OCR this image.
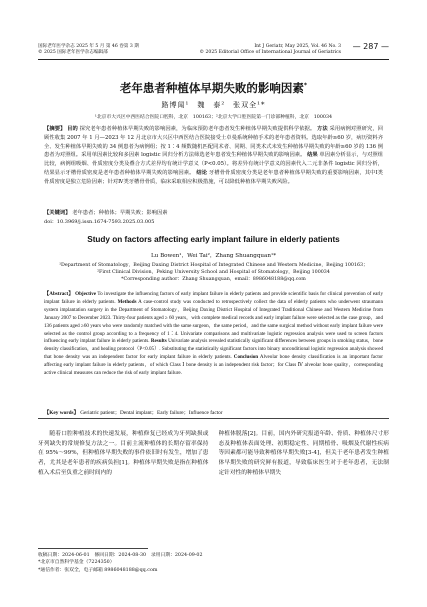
国际老年医学杂志 2025 年 5 月 第 46 卷第 3 期	Int J Geriatr, May 2025, Vol. 46 No. 3
© 2025 国际老年医学杂志编辑部	© 2025 Editorial Office of International Journal of Geriatrics
— 287 —
老年患者种植体早期失败的影响因素*
路博闻¹　魏　泰²　张双全¹*
¹北京市大兴区中西医结合医院口腔科，北京　100163；²北京大学口腔医院第一门诊部种植科，北京　100034
【摘要】 目的 探究老年患者种植体早期失败的影响因素，为临床预防老年患者发生种植体早期失败提供科学依据。 方法 采用病例对照研究，回顾性收集 2007 年 1 月—2023 年 12 月北京市大兴区中西医结合医院接受士卓曼系统种植手术的老年患者资料。选取年龄≥60 岁，病历资料齐全、发生种植体早期失败的 34 例患者为病例组；按 1∶4 频数随机匹配同术者、同期、同类术式未发生种植体早期失败的年龄≥60 岁的 136 例患者为对照组。采用单因素比较和多因素 logistic 回归分析方法筛选老年患者发生种植体早期失败的影响因素。 结果 单因素分析显示，与对照组比较，病例组吸烟、骨质密度分类及叠合方式差异均有统计学意义（P<0.05）。将差异有统计学意义的因素代入二元非条件 logistic 回归分析，结果显示牙槽骨质密度是老年患者种植体早期失败的影响因素。 结论 牙槽骨骨质密度分类是老年患者种植体早期失败的重要影响因素，其中Ⅰ类骨质密度是独立危险因素；针对Ⅳ类牙槽骨骨质，临床采取相应积极措施，可以降低种植体早期失败风险。
【关键词】 老年患者；种植体；早期失败；影响因素
doi：10.3969/j.issn.1674-7593.2025.03.005
Study on factors affecting early implant failure in elderly patients
Lu Bowen¹，Wei Tai²，Zhang Shuangquan¹*
¹Department of Stomatology，Beijing Daxing District Hospital of Integrated Chinese and Western Medicine，Beijing 100163；
²First Clinical Division，Peking University School and Hospital of Stomatology，Beijing 100034
*Corresponding author：Zhang Shuangquan，email：8986048188@qq.com
【Abstract】 Objective To investigate the influencing factors of early implant failure in elderly patients and provide scientific basis for clinical prevention of early implant failure in elderly patients. Methods A case-control study was conducted to retrospectively collect the data of elderly patients who underwent straumann system implantation surgery in the Department of Stomatology，Beijing Daxing District Hospital of Integrated Traditional Chinese and Western Medicine from January 2007 to December 2023. Thirty-four patients aged ≥ 60 years，with complete medical records and early implant failure were selected as the case group，and 136 patients aged ≥60 years who were randomly matched with the same surgeon，the same period，and the same surgical method without early implant failure were selected as the control group according to a frequency of 1∶4. Univariate comparisons and multivariate logistic regression analysis were used to screen factors influencing early implant failure in elderly patients. Results Univariate analysis revealed statistically significant differences between groups in smoking status，bone density classification，and healing protocol（P<0.05）. Substituting the statistically significant factors into binary unconditional logistic regression analysis showed that bone density was an independent factor for early implant failure in elderly patients. Conclusion Alveolar bone density classification is an important factor affecting early implant failure in elderly patients，of which Class Ⅰ bone density is an independent risk factor；for Class Ⅳ alveolar bone quality，corresponding active clinical measures can reduce the risk of early implant failure.
【Key words】 Geriatric patient；Dental implant；Early failure；Influence factor

随着口腔种植技术的快速发展，种植修复已经成为牙列缺损或牙列缺失的常规修复方法之一。目前主流种植体的长期存留率保持在 95%～99%，但种植体早期失败的事件依旧时有发生，增加了患者，尤其是老年患者的疾病负担[1]。种植体早期失败是指在种植体植入术后至负重之前时间内的

种植体脱落[2]。目前，国内外研究报道年龄、骨质、种植体尺寸形态及种植体表面处理、初期稳定性、同期植骨、吸烟及代谢性疾病等因素都可能导致种植体早期失败[3-4]，但关于老年患者发生种植体早期失败的研究鲜有报道，导致临床医生对于老年患者，无法制定针对性的种植体早期失

收稿日期：2024-06-01　修回日期：2024-08-30　录用日期：2024-09-02
*北京市自然科学基金（7224350）
*通信作者：张双全，电子邮箱 8986048188@qq.com
